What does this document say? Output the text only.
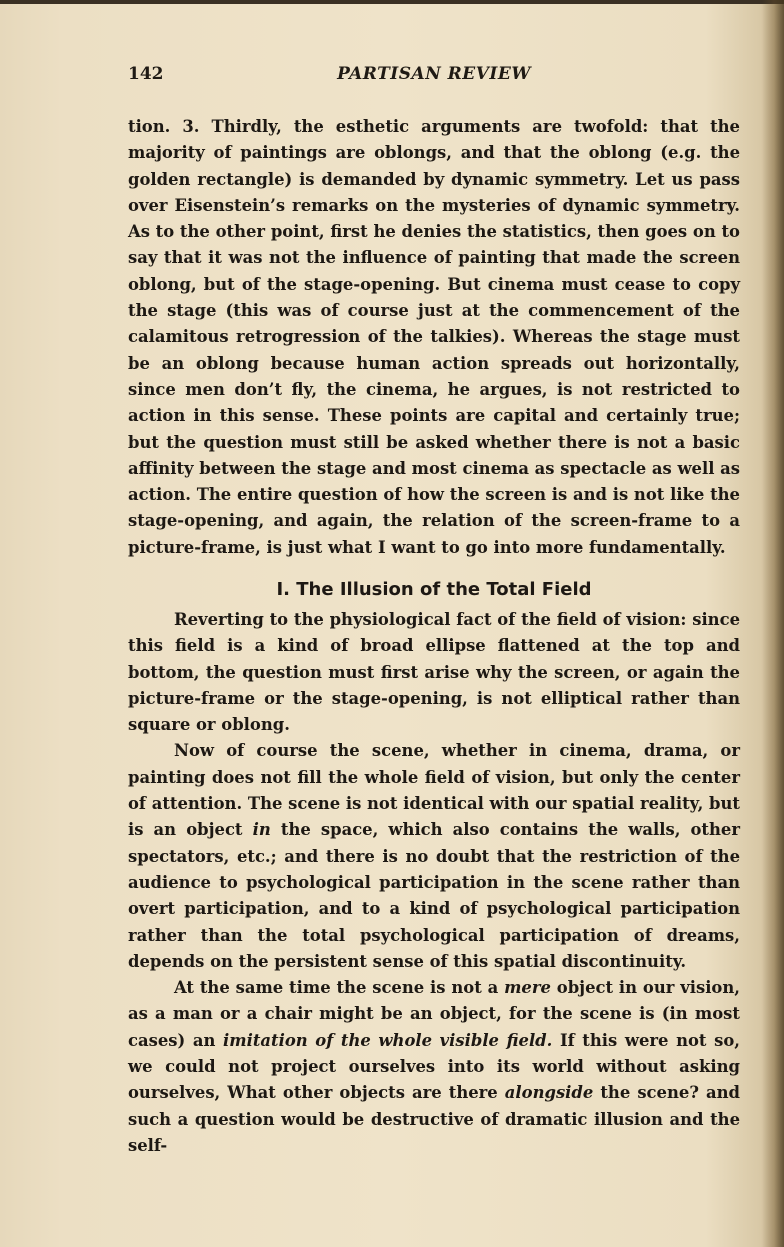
142	PARTISAN REVIEW

tion. 3. Thirdly, the esthetic arguments are twofold: that the majority of paintings are oblongs, and that the oblong (e.g. the golden rectangle) is demanded by dynamic symmetry. Let us pass over Eisenstein’s remarks on the mysteries of dynamic symmetry. As to the other point, first he denies the statistics, then goes on to say that it was not the influence of painting that made the screen oblong, but of the stage-opening. But cinema must cease to copy the stage (this was of course just at the commencement of the calamitous retrogression of the talkies). Whereas the stage must be an oblong because human action spreads out horizontally, since men don’t fly, the cinema, he argues, is not restricted to action in this sense. These points are capital and certainly true; but the question must still be asked whether there is not a basic affinity between the stage and most cinema as spectacle as well as action. The entire question of how the screen is and is not like the stage-opening, and again, the relation of the screen-frame to a picture-frame, is just what I want to go into more fundamentally.

I. The Illusion of the Total Field

Reverting to the physiological fact of the field of vision: since this field is a kind of broad ellipse flattened at the top and bottom, the question must first arise why the screen, or again the picture-frame or the stage-opening, is not elliptical rather than square or oblong.

Now of course the scene, whether in cinema, drama, or painting does not fill the whole field of vision, but only the center of attention. The scene is not identical with our spatial reality, but is an object in the space, which also contains the walls, other spectators, etc.; and there is no doubt that the restriction of the audience to psychological participation in the scene rather than overt participation, and to a kind of psychological participation rather than the total psychological participation of dreams, depends on the persistent sense of this spatial discontinuity.

At the same time the scene is not a mere object in our vision, as a man or a chair might be an object, for the scene is (in most cases) an imitation of the whole visible field. If this were not so, we could not project ourselves into its world without asking ourselves, What other objects are there alongside the scene? and such a question would be destructive of dramatic illusion and the self-
